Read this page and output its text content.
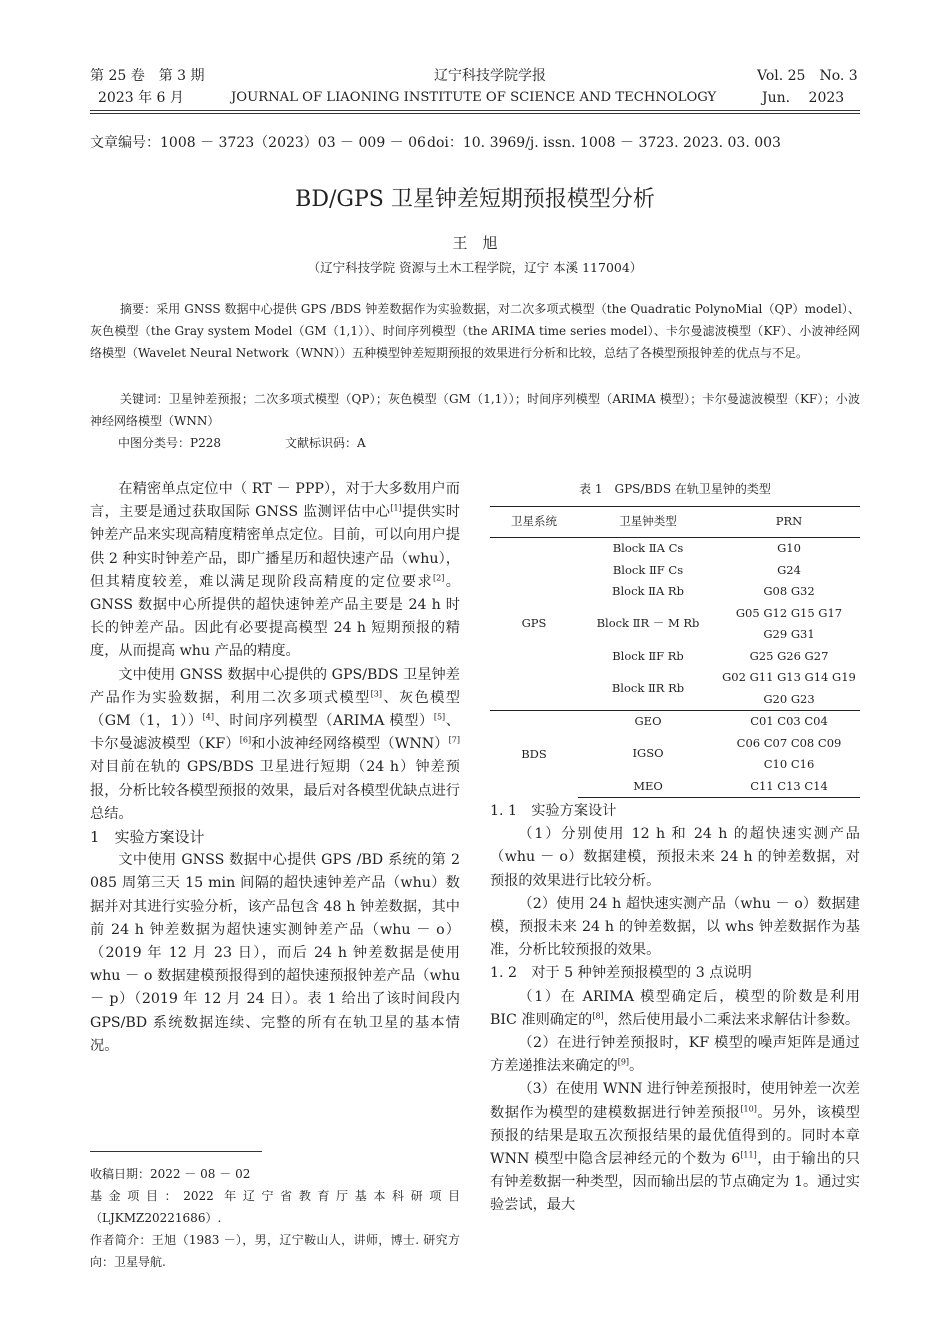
第 25 卷　第 3 期
2023 年 6 月
辽宁科技学院学报
JOURNAL OF LIAONING INSTITUTE OF SCIENCE AND TECHNOLOGY
Vol. 25　No. 3
Jun.　 2023
文章编号：1008 － 3723（2023）03 － 009 － 06 doi：10. 3969/j. issn. 1008 － 3723. 2023. 03. 003
BD/GPS 卫星钟差短期预报模型分析
王　旭
（辽宁科技学院 资源与土木工程学院，辽宁 本溪 117004）
摘要：采用 GNSS 数据中心提供 GPS /BDS 钟差数据作为实验数据，对二次多项式模型（the Quadratic PolynoMial（QP）model）、灰色模型（the Gray system Model（GM（1,1））、时间序列模型（the ARIMA time series model）、卡尔曼滤波模型（KF）、小波神经网络模型（Wavelet Neural Network（WNN））五种模型钟差短期预报的效果进行分析和比较，总结了各模型预报钟差的优点与不足。
关键词：卫星钟差预报；二次多项式模型（QP）；灰色模型（GM（1,1））；时间序列模型（ARIMA 模型）；卡尔曼滤波模型（KF）；小波神经网络模型（WNN）
中图分类号：P228	文献标识码：A

在精密单点定位中（ RT － PPP），对于大多数用户而言，主要是通过获取国际 GNSS 监测评估中心[1]提供实时钟差产品来实现高精度精密单点定位。目前，可以向用户提供 2 种实时钟差产品，即广播星历和超快速产品（whu），但其精度较差，难以满足现阶段高精度的定位要求[2]。GNSS 数据中心所提供的超快速钟差产品主要是 24 h 时长的钟差产品。因此有必要提高模型 24 h 短期预报的精度，从而提高 whu 产品的精度。

文中使用 GNSS 数据中心提供的 GPS/BDS 卫星钟差产品作为实验数据，利用二次多项式模型[3]、灰色模型（GM（1，1））[4]、时间序列模型（ARIMA 模型）[5]、卡尔曼滤波模型（KF）[6]和小波神经网络模型（WNN）[7]对目前在轨的 GPS/BDS 卫星进行短期（24 h）钟差预报，分析比较各模型预报的效果，最后对各模型优缺点进行总结。

1　实验方案设计

文中使用 GNSS 数据中心提供 GPS /BD 系统的第 2 085 周第三天 15 min 间隔的超快速钟差产品（whu）数据并对其进行实验分析，该产品包含 48 h 钟差数据，其中前 24 h 钟差数据为超快速实测钟差产品（whu － o）（2019 年 12 月 23 日），而后 24 h 钟差数据是使用 whu － o 数据建模预报得到的超快速预报钟差产品（whu － p）（2019 年 12 月 24 日）。表 1 给出了该时间段内 GPS/BD 系统数据连续、完整的所有在轨卫星的基本情况。

收稿日期：2022 － 08 － 02
基金项目：2022 年辽宁省教育厅基本科研项目（LJKMZ20221686）.
作者简介：王旭（1983 －），男，辽宁鞍山人，讲师，博士. 研究方向：卫星导航.
表 1　GPS/BDS 在轨卫星钟的类型
卫星系统	卫星钟类型	PRN
GPS	Block ⅡA Cs	G10
	Block ⅡF Cs	G24
	Block ⅡA Rb	G08 G32
	Block ⅡR － M Rb	G05 G12 G15 G17
		G29 G31
	Block ⅡF Rb	G25 G26 G27
	Block ⅡR Rb	G02 G11 G13 G14 G19
		G20 G23
BDS	GEO	C01 C03 C04
	IGSO	C06 C07 C08 C09
		C10 C16
	MEO	C11 C13 C14

1. 1　实验方案设计

（1）分别使用 12 h 和 24 h 的超快速实测产品（whu － o）数据建模，预报未来 24 h 的钟差数据，对预报的效果进行比较分析。

（2）使用 24 h 超快速实测产品（whu － o）数据建模，预报未来 24 h 的钟差数据，以 whs 钟差数据作为基准，分析比较预报的效果。

1. 2　对于 5 种钟差预报模型的 3 点说明

（1）在 ARIMA 模型确定后，模型的阶数是利用 BIC 准则确定的[8]，然后使用最小二乘法来求解估计参数。

（2）在进行钟差预报时，KF 模型的噪声矩阵是通过方差递推法来确定的[9]。

（3）在使用 WNN 进行钟差预报时，使用钟差一次差数据作为模型的建模数据进行钟差预报[10]。另外，该模型预报的结果是取五次预报结果的最优值得到的。同时本章 WNN 模型中隐含层神经元的个数为 6[11]，由于输出的只有钟差数据一种类型，因而输出层的节点确定为 1。通过实验尝试，最大
